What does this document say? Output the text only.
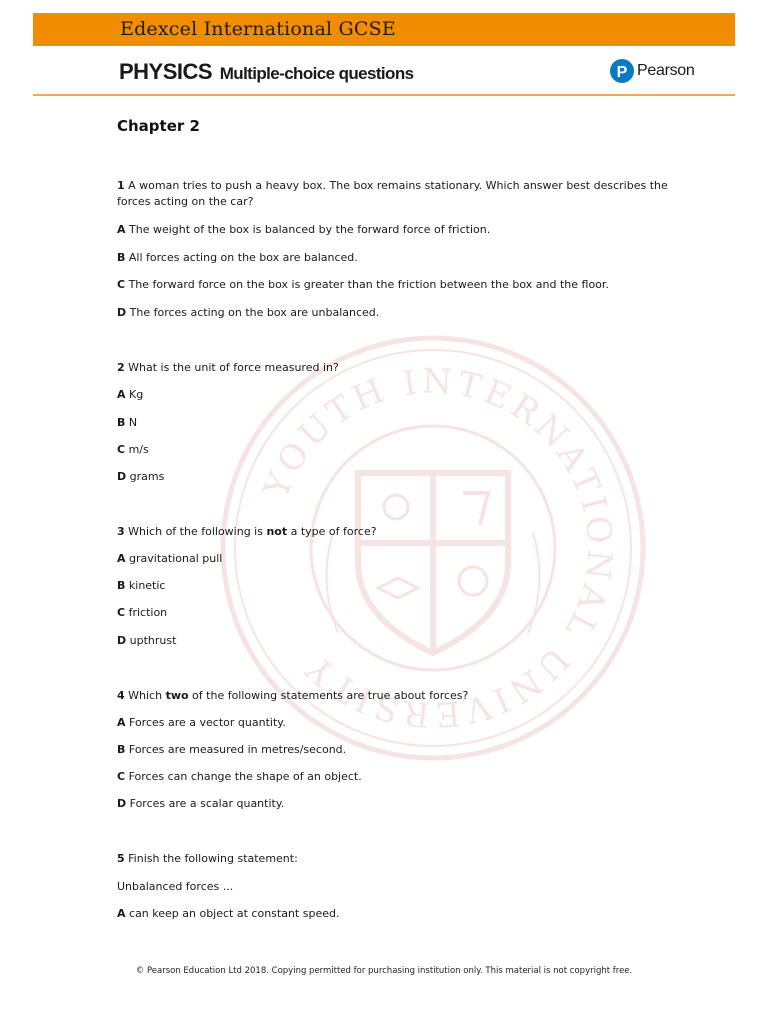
Edexcel International GCSE
PHYSICS Multiple-choice questions	P Pearson
YOUTH INTERNATIONAL UNIVERSITY
Chapter 2
1 A woman tries to push a heavy box. The box remains stationary. Which answer best describes the
forces acting on the car?
A The weight of the box is balanced by the forward force of friction.
B All forces acting on the box are balanced.
C The forward force on the box is greater than the friction between the box and the floor.
D The forces acting on the box are unbalanced.
2 What is the unit of force measured in?
A Kg
B N
C m/s
D grams
3 Which of the following is not a type of force?
A gravitational pull
B kinetic
C friction
D upthrust
4 Which two of the following statements are true about forces?
A Forces are a vector quantity.
B Forces are measured in metres/second.
C Forces can change the shape of an object.
D Forces are a scalar quantity.
5 Finish the following statement:
Unbalanced forces ...
A can keep an object at constant speed.
© Pearson Education Ltd 2018. Copying permitted for purchasing institution only. This material is not copyright free.
